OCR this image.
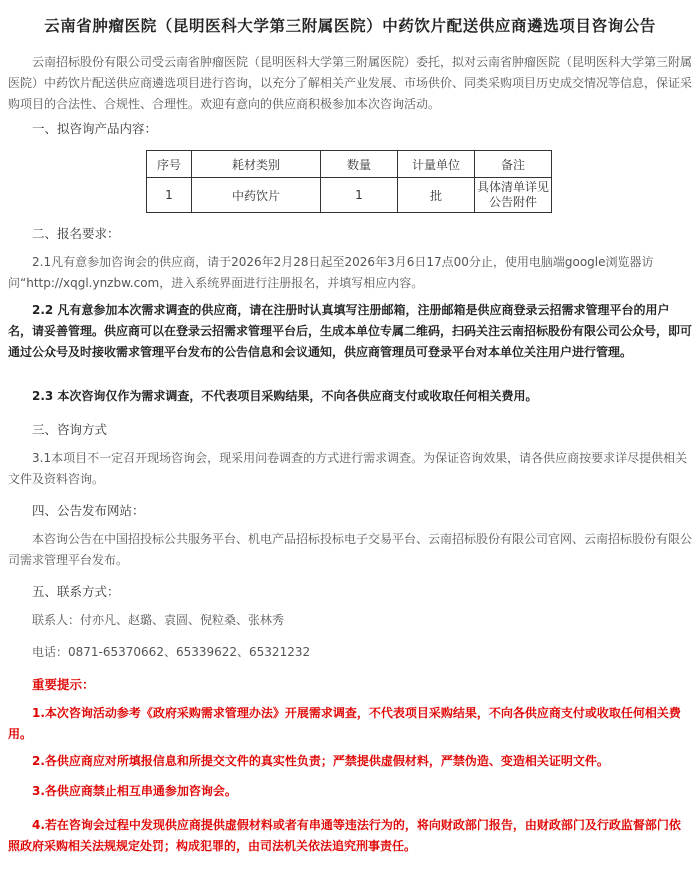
云南省肿瘤医院（昆明医科大学第三附属医院）中药饮片配送供应商遴选项目咨询公告

云南招标股份有限公司受云南省肿瘤医院（昆明医科大学第三附属医院）委托，拟对云南省肿瘤医院（昆明医科大学第三附属医院）中药饮片配送供应商遴选项目进行咨询，以充分了解相关产业发展、市场供价、同类采购项目历史成交情况等信息，保证采购项目的合法性、合规性、合理性。欢迎有意向的供应商积极参加本次咨询活动。

一、拟咨询产品内容：

序号	耗材类别	数量	计量单位	备注
1	中药饮片	1	批	具体清单详见公告附件

二、报名要求：

2.1凡有意参加咨询会的供应商，请于2026年2月28日起至2026年3月6日17点00分止，使用电脑端google浏览器访问“http://xqgl.ynzbw.com，进入系统界面进行注册报名，并填写相应内容。

2.2 凡有意参加本次需求调查的供应商，请在注册时认真填写注册邮箱，注册邮箱是供应商登录云招需求管理平台的用户名，请妥善管理。供应商可以在登录云招需求管理平台后，生成本单位专属二维码，扫码关注云南招标股份有限公司公众号，即可通过公众号及时接收需求管理平台发布的公告信息和会议通知，供应商管理员可登录平台对本单位关注用户进行管理。

2.3 本次咨询仅作为需求调查，不代表项目采购结果，不向各供应商支付或收取任何相关费用。

三、咨询方式

3.1本项目不一定召开现场咨询会，现采用问卷调查的方式进行需求调查。为保证咨询效果，请各供应商按要求详尽提供相关文件及资料咨询。

四、公告发布网站：

本咨询公告在中国招投标公共服务平台、机电产品招标投标电子交易平台、云南招标股份有限公司官网、云南招标股份有限公司需求管理平台发布。

五、联系方式：

联系人：付亦凡、赵璐、袁圆、倪粒桑、张林秀

电话：0871-65370662、65339622、65321232

重要提示：

1.本次咨询活动参考《政府采购需求管理办法》开展需求调查，不代表项目采购结果，不向各供应商支付或收取任何相关费用。

2.各供应商应对所填报信息和所提交文件的真实性负责；严禁提供虚假材料，严禁伪造、变造相关证明文件。

3.各供应商禁止相互串通参加咨询会。

4.若在咨询会过程中发现供应商提供虚假材料或者有串通等违法行为的，将向财政部门报告，由财政部门及行政监督部门依照政府采购相关法规规定处罚；构成犯罪的，由司法机关依法追究刑事责任。
